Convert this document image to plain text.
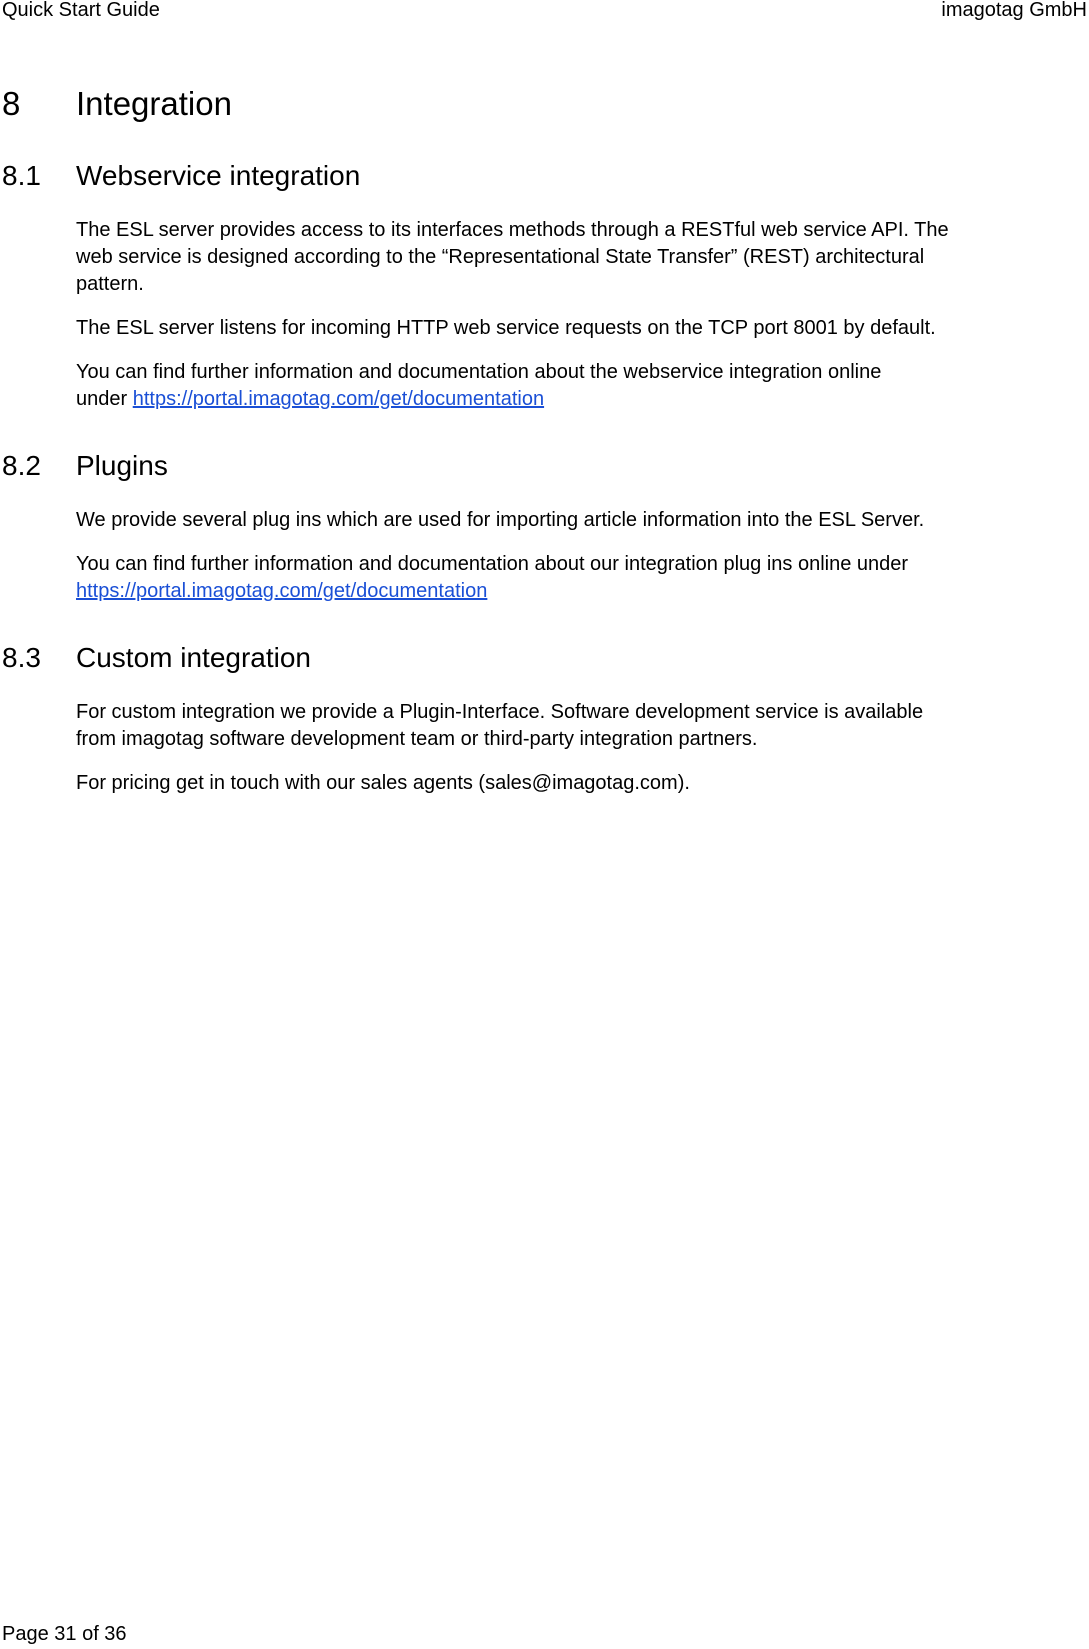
Quick Start Guide	imagotag GmbH
8 Integration
8.1 Webservice integration
The ESL server provides access to its interfaces methods through a RESTful web service API. The
web service is designed according to the “Representational State Transfer” (REST) architectural
pattern.
The ESL server listens for incoming HTTP web service requests on the TCP port 8001 by default.
You can find further information and documentation about the webservice integration online
under https://portal.imagotag.com/get/documentation
8.2 Plugins
We provide several plug ins which are used for importing article information into the ESL Server.
You can find further information and documentation about our integration plug ins online under
https://portal.imagotag.com/get/documentation
8.3 Custom integration
For custom integration we provide a Plugin-Interface. Software development service is available
from imagotag software development team or third-party integration partners.
For pricing get in touch with our sales agents (sales@imagotag.com).
Page 31 of 36
